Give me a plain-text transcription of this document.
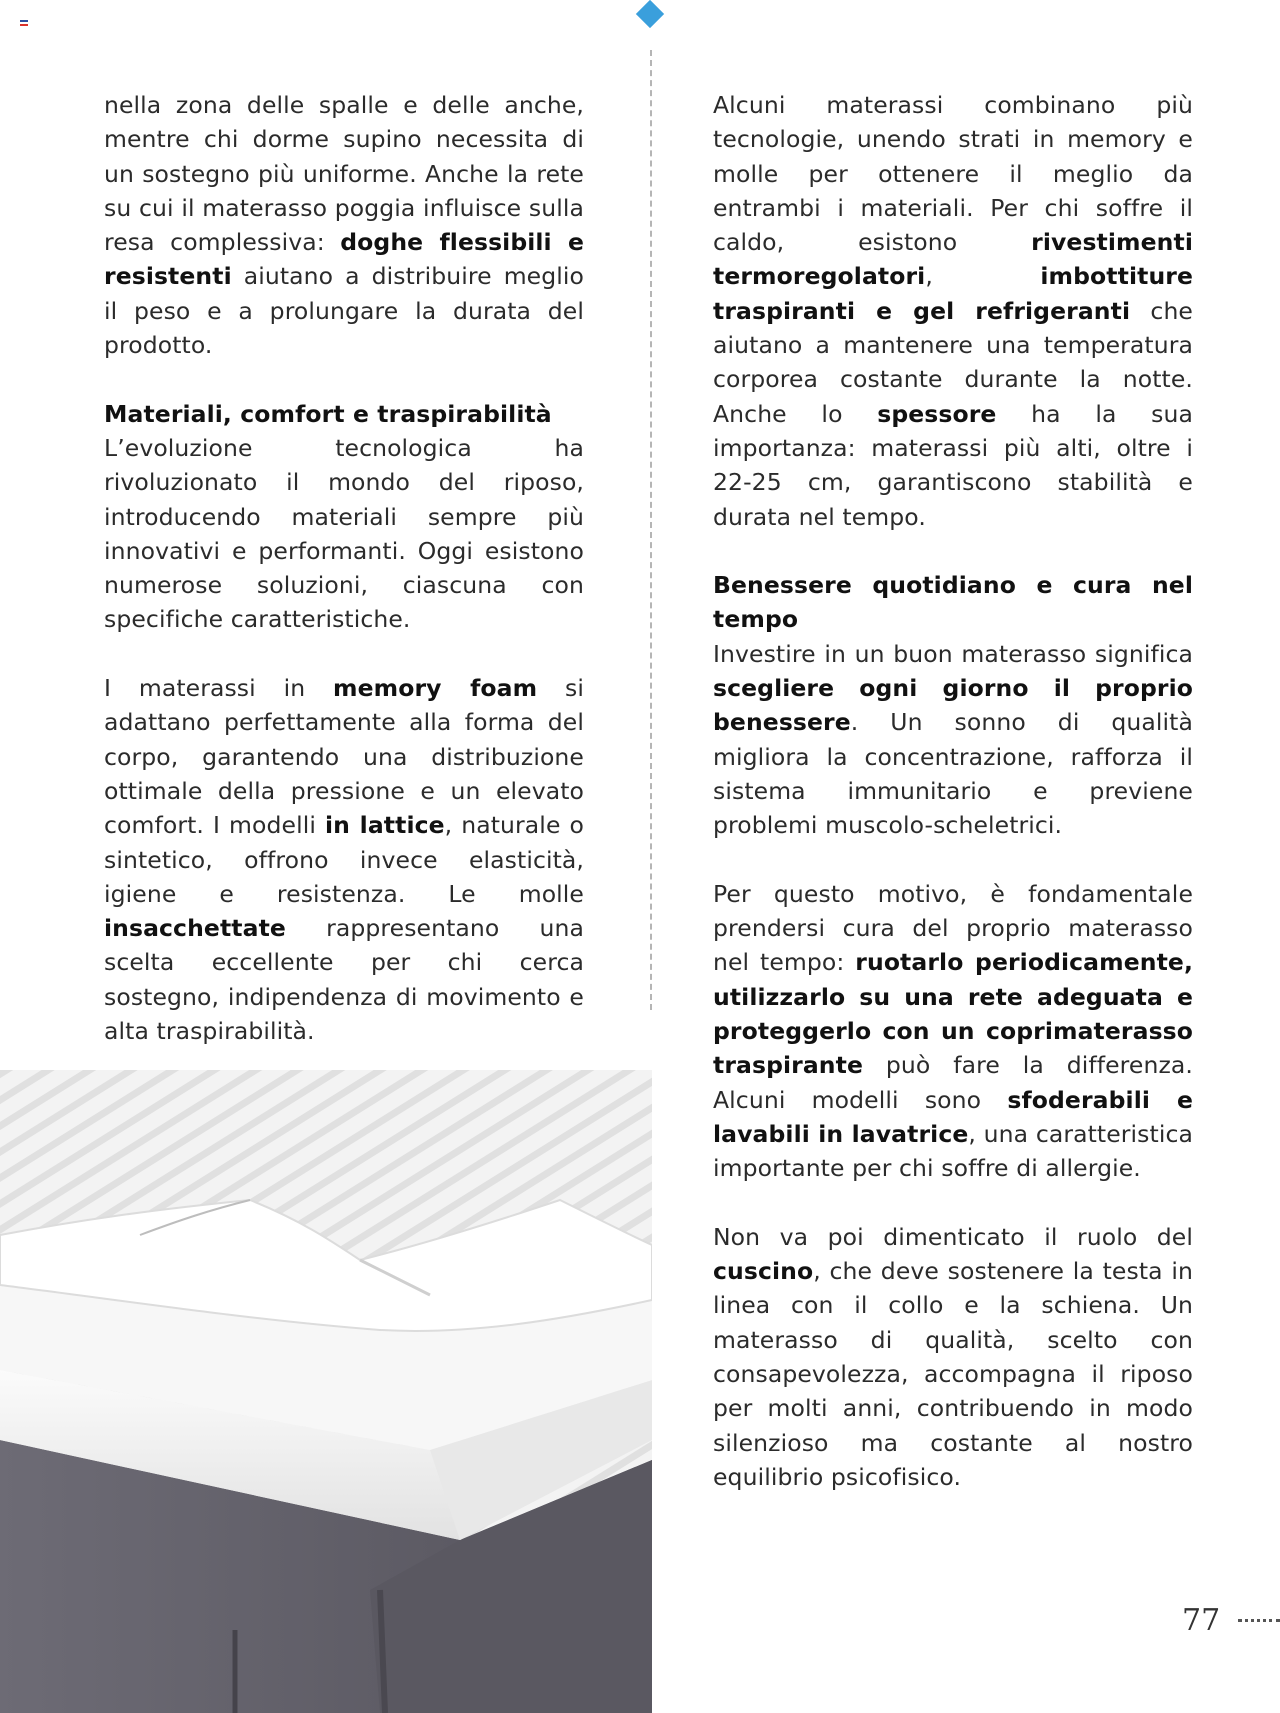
nella zona delle spalle e delle anche, mentre chi dorme supino necessita di un sostegno più uniforme. Anche la rete su cui il materasso poggia influisce sulla resa complessiva: doghe flessibili e resistenti aiutano a distribuire meglio il peso e a prolungare la durata del prodotto.

Materiali, comfort e traspirabilità

L’evoluzione tecnologica ha rivoluzionato il mondo del riposo, introducendo materiali sempre più innovativi e performanti. Oggi esistono numerose soluzioni, ciascuna con specifiche caratteristiche.

I materassi in memory foam si adattano perfettamente alla forma del corpo, garantendo una distribuzione ottimale della pressione e un elevato comfort. I modelli in lattice, naturale o sintetico, offrono invece elasticità, igiene e resistenza. Le molle insacchettate rappresentano una scelta eccellente per chi cerca sostegno, indipendenza di movimento e alta traspirabilità.

Alcuni materassi combinano più tecnologie, unendo strati in memory e molle per ottenere il meglio da entrambi i materiali. Per chi soffre il caldo, esistono rivestimenti termoregolatori, imbottiture traspiranti e gel refrigeranti che aiutano a mantenere una temperatura corporea costante durante la notte. Anche lo spessore ha la sua importanza: materassi più alti, oltre i 22-25 cm, garantiscono stabilità e durata nel tempo.

Benessere quotidiano e cura nel tempo

Investire in un buon materasso significa scegliere ogni giorno il proprio benessere. Un sonno di qualità migliora la concentrazione, rafforza il sistema immunitario e previene problemi muscolo-scheletrici.

Per questo motivo, è fondamentale prendersi cura del proprio materasso nel tempo: ruotarlo periodicamente, utilizzarlo su una rete adeguata e proteggerlo con un coprimaterasso traspirante può fare la differenza. Alcuni modelli sono sfoderabili e lavabili in lavatrice, una caratteristica importante per chi soffre di allergie.

Non va poi dimenticato il ruolo del cuscino, che deve sostenere la testa in linea con il collo e la schiena. Un materasso di qualità, scelto con consapevolezza, accompagna il riposo per molti anni, contribuendo in modo silenzioso ma costante al nostro equilibrio psicofisico.

77
